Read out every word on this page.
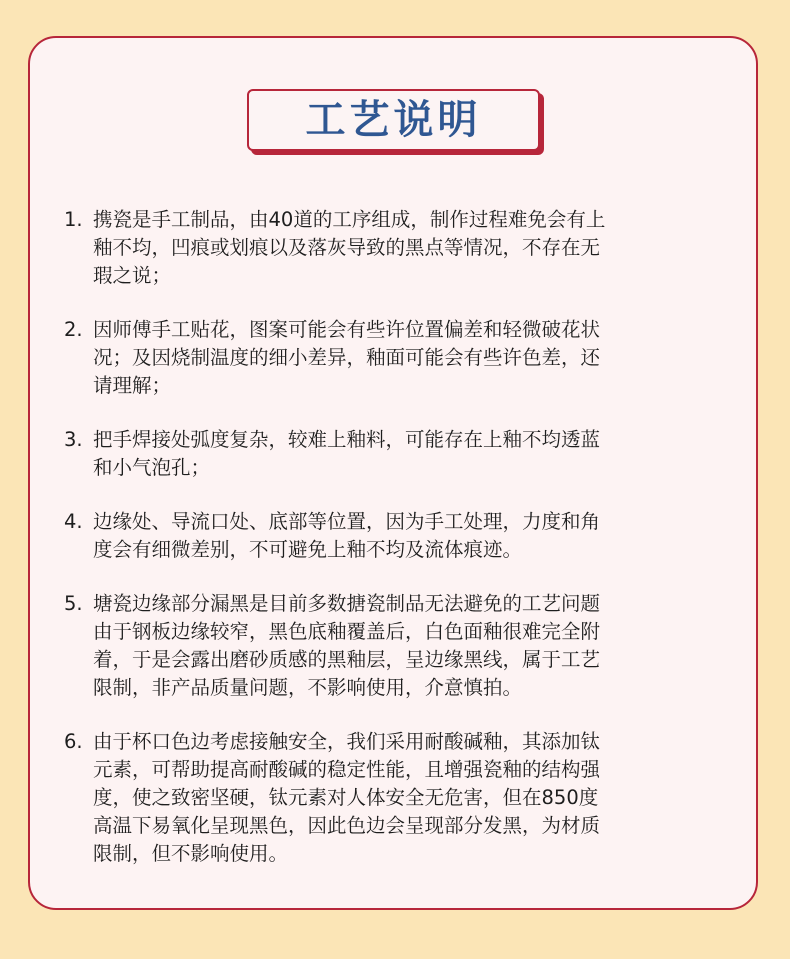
工艺说明
1. 携瓷是手工制品，由40道的工序组成，制作过程难免会有上
釉不均，凹痕或划痕以及落灰导致的黑点等情况，不存在无
瑕之说；
2. 因师傅手工贴花，图案可能会有些许位置偏差和轻微破花状
况；及因烧制温度的细小差异，釉面可能会有些许色差，还
请理解；
3. 把手焊接处弧度复杂，较难上釉料，可能存在上釉不均透蓝
和小气泡孔；
4. 边缘处、导流口处、底部等位置，因为手工处理，力度和角
度会有细微差别，不可避免上釉不均及流体痕迹。
5. 塘瓷边缘部分漏黑是目前多数搪瓷制品无法避免的工艺问题
由于钢板边缘较窄，黑色底釉覆盖后，白色面釉很难完全附
着，于是会露出磨砂质感的黑釉层，呈边缘黑线，属于工艺
限制，非产品质量问题，不影响使用，介意慎拍。
6. 由于杯口色边考虑接触安全，我们采用耐酸碱釉，其添加钛
元素，可帮助提高耐酸碱的稳定性能，且增强瓷釉的结构强
度，使之致密坚硬，钛元素对人体安全无危害，但在850度
高温下易氧化呈现黑色，因此色边会呈现部分发黑，为材质
限制，但不影响使用。
